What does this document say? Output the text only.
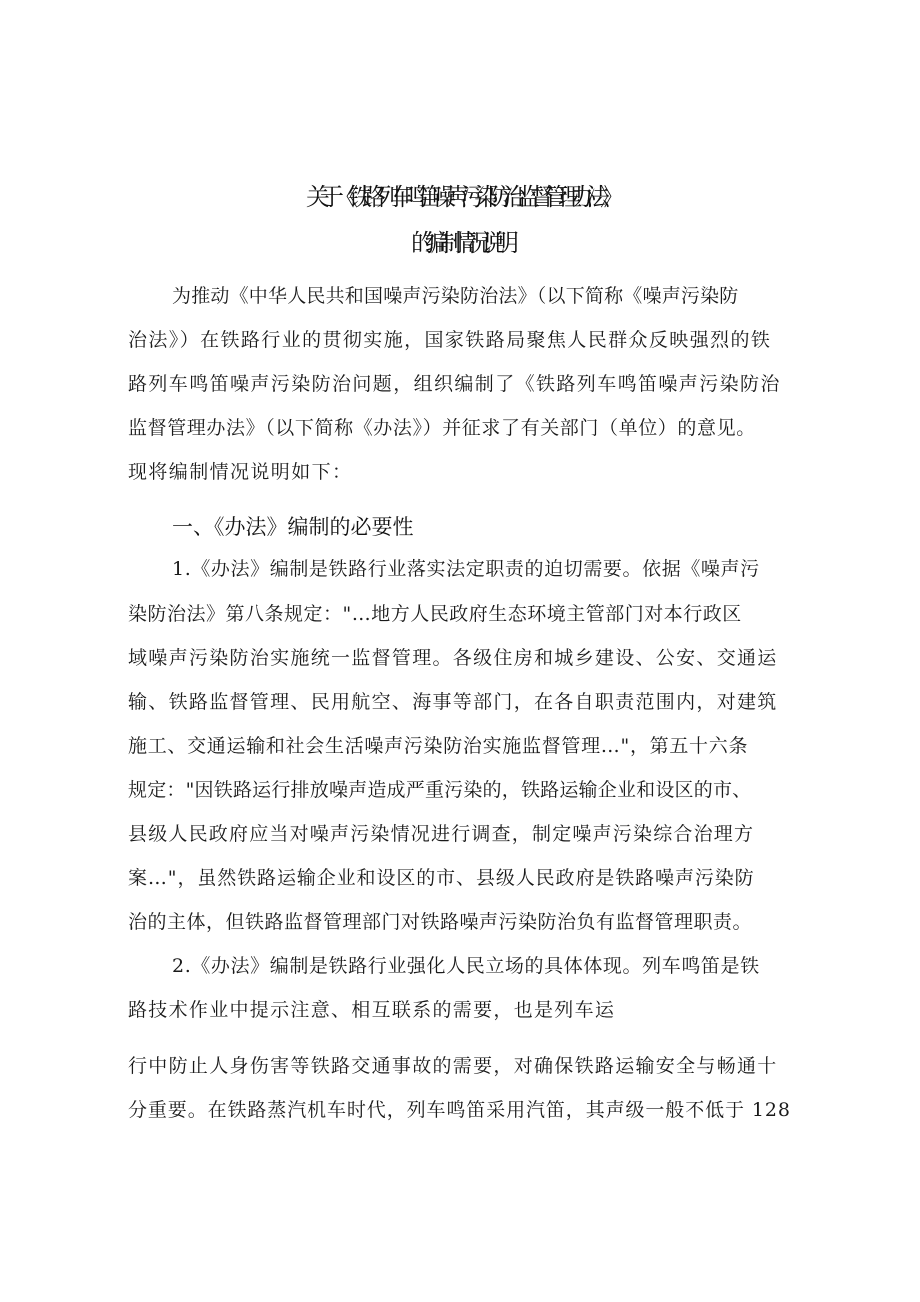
关于《铁路列车鸣笛噪声污染防治监督管理办法》
的编制情况说明
为推动《中华人民共和国噪声污染防治法》（以下简称《噪声污染防
治法》）在铁路行业的贯彻实施，国家铁路局聚焦人民群众反映强烈的铁
路列车鸣笛噪声污染防治问题，组织编制了《铁路列车鸣笛噪声污染防治
监督管理办法》（以下简称《办法》）并征求了有关部门（单位）的意见。
现将编制情况说明如下：
一、《办法》编制的必要性
1.《办法》编制是铁路行业落实法定职责的迫切需要。依据《噪声污
染防治法》第八条规定："…地方人民政府生态环境主管部门对本行政区
域噪声污染防治实施统一监督管理。各级住房和城乡建设、公安、交通运
输、铁路监督管理、民用航空、海事等部门，在各自职责范围内，对建筑
施工、交通运输和社会生活噪声污染防治实施监督管理…"，第五十六条
规定："因铁路运行排放噪声造成严重污染的，铁路运输企业和设区的市、
县级人民政府应当对噪声污染情况进行调查，制定噪声污染综合治理方
案…"，虽然铁路运输企业和设区的市、县级人民政府是铁路噪声污染防
治的主体，但铁路监督管理部门对铁路噪声污染防治负有监督管理职责。
2.《办法》编制是铁路行业强化人民立场的具体体现。列车鸣笛是铁
路技术作业中提示注意、相互联系的需要，也是列车运
行中防止人身伤害等铁路交通事故的需要，对确保铁路运输安全与畅通十
分重要。在铁路蒸汽机车时代，列车鸣笛采用汽笛，其声级一般不低于 128
